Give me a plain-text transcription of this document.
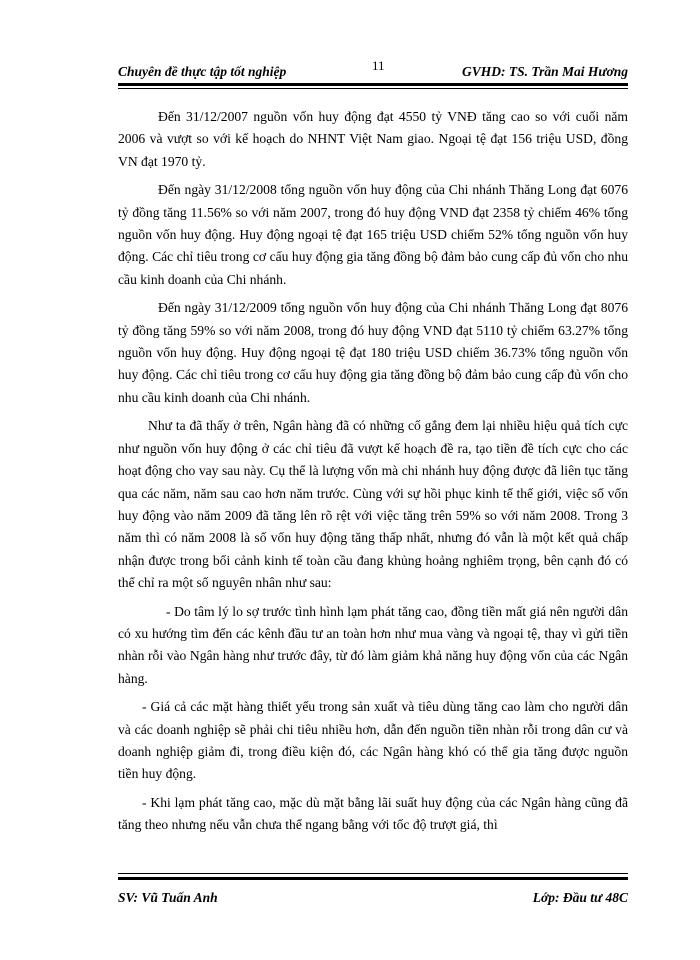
Chuyên đề thực tập tốt nghiệp	11	GVHD: TS. Trần Mai Hương

Đến 31/12/2007 nguồn vốn huy động đạt 4550 tỷ VNĐ tăng cao so với cuối năm 2006 và vượt so với kế hoạch do NHNT Việt Nam giao. Ngoại tệ đạt 156 triệu USD, đồng VN đạt 1970 tỷ.

Đến ngày 31/12/2008 tổng nguồn vốn huy động của Chi nhánh Thăng Long đạt 6076 tỷ đồng tăng 11.56% so với năm 2007, trong đó huy động VND đạt 2358 tỷ chiếm 46% tổng nguồn vốn huy động. Huy động ngoại tệ đạt 165 triệu USD chiếm 52% tổng nguồn vốn huy động. Các chỉ tiêu trong cơ cấu huy động gia tăng đồng bộ đảm bảo cung cấp đủ vốn cho nhu cầu kinh doanh của Chi nhánh.

Đến ngày 31/12/2009 tổng nguồn vốn huy động của Chi nhánh Thăng Long đạt 8076 tỷ đồng tăng 59% so với năm 2008, trong đó huy động VND đạt 5110 tỷ chiếm 63.27% tổng nguồn vốn huy động. Huy động ngoại tệ đạt 180 triệu USD chiếm 36.73% tổng nguồn vốn huy động. Các chỉ tiêu trong cơ cấu huy động gia tăng đồng bộ đảm bảo cung cấp đủ vốn cho nhu cầu kinh doanh của Chi nhánh.

Như ta đã thấy ở trên, Ngân hàng đã có những cố gắng đem lại nhiều hiệu quả tích cực như nguồn vốn huy động ở các chỉ tiêu đã vượt kế hoạch đề ra, tạo tiền đề tích cực cho các hoạt động cho vay sau này. Cụ thể là lượng vốn mà chi nhánh huy động được đã liên tục tăng qua các năm, năm sau cao hơn năm trước. Cùng với sự hồi phục kinh tế thế giới, việc số vốn huy động vào năm 2009 đã tăng lên rõ rệt với việc tăng trên 59% so với năm 2008. Trong 3 năm thì có năm 2008 là số vốn huy động tăng thấp nhất, nhưng đó vẫn là một kết quả chấp nhận được trong bối cảnh kinh tế toàn cầu đang khủng hoảng nghiêm trọng, bên cạnh đó có thể chỉ ra một số nguyên nhân như sau:

- Do tâm lý lo sợ trước tình hình lạm phát tăng cao, đồng tiền mất giá nên người dân có xu hướng tìm đến các kênh đầu tư an toàn hơn như mua vàng và ngoại tệ, thay vì gửi tiền nhàn rỗi vào Ngân hàng như trước đây, từ đó làm giảm khả năng huy động vốn của các Ngân hàng.

- Giá cả các mặt hàng thiết yếu trong sản xuất và tiêu dùng tăng cao làm cho người dân và các doanh nghiệp sẽ phải chi tiêu nhiều hơn, dẫn đến nguồn tiền nhàn rỗi trong dân cư và doanh nghiệp giảm đi, trong điều kiện đó, các Ngân hàng khó có thể gia tăng được nguồn tiền huy động.

- Khi lạm phát tăng cao, mặc dù mặt bằng lãi suất huy động của các Ngân hàng cũng đã tăng theo nhưng nếu vẫn chưa thể ngang bằng với tốc độ trượt giá, thì

SV: Vũ Tuấn Anh	Lớp: Đầu tư 48C
